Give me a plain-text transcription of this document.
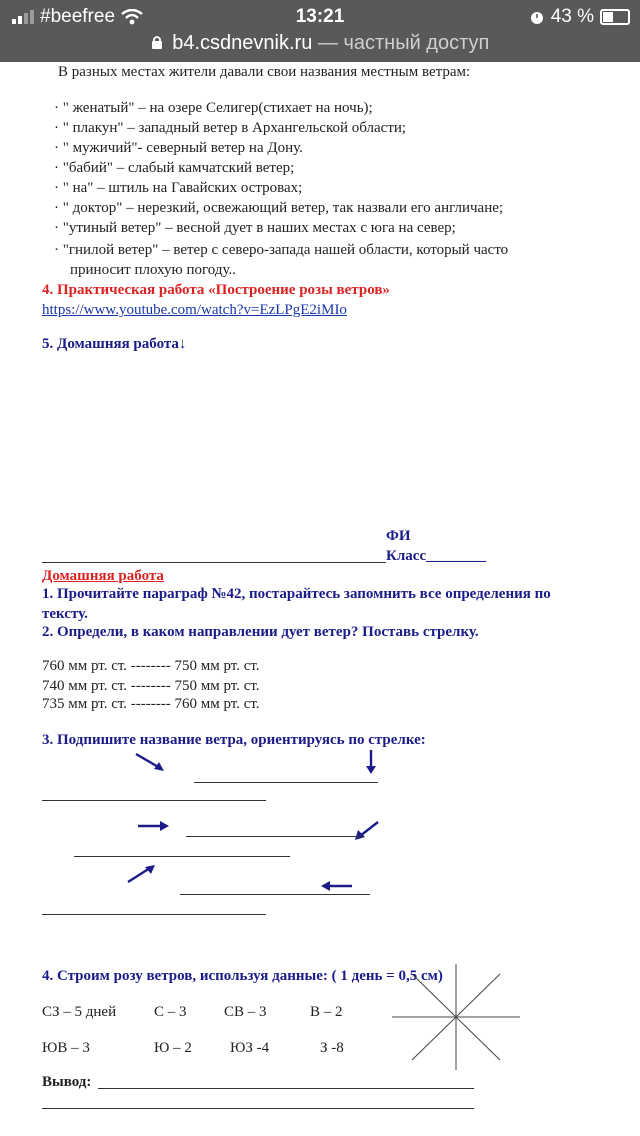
#beefree	13:21	43 %
b4.csdnevnik.ru — частный доступ
В разных местах жители давали свои названия местным ветрам:
· " женатый" – на озере Селигер(стихает на ночь);
· " плакун" – западный ветер в Архангельской области;
· " мужичий"- северный ветер на Дону.
· "бабий" – слабый камчатский ветер;
· " на" – штиль на Гавайских островах;
· " доктор" – нерезкий, освежающий ветер, так назвали его англичане;
· "утиный ветер" – весной дует в наших местах с юга на север;
· "гнилой ветер" – ветер с северо-запада нашей области, который часто
приносит плохую погоду..
4. Практическая работа «Построение розы ветров»
https://www.youtube.com/watch?v=EzLPgE2iMIo
5. Домашняя работа↓
ФИ
Класс________
Домашняя работа
1. Прочитайте параграф №42, постарайтесь запомнить все определения по
тексту.
2. Определи, в каком направлении дует ветер? Поставь стрелку.
760 мм рт. ст. -------- 750 мм рт. ст.
740 мм рт. ст. -------- 750 мм рт. ст.
735 мм рт. ст. -------- 760 мм рт. ст.
3. Подпишите название ветра, ориентируясь по стрелке:
4. Строим розу ветров, используя данные: ( 1 день = 0,5 см)
СЗ – 5 дней	С – 3 СВ – 3	В – 2
ЮВ – 3	Ю – 2	ЮЗ -4	З -8
Вывод:
